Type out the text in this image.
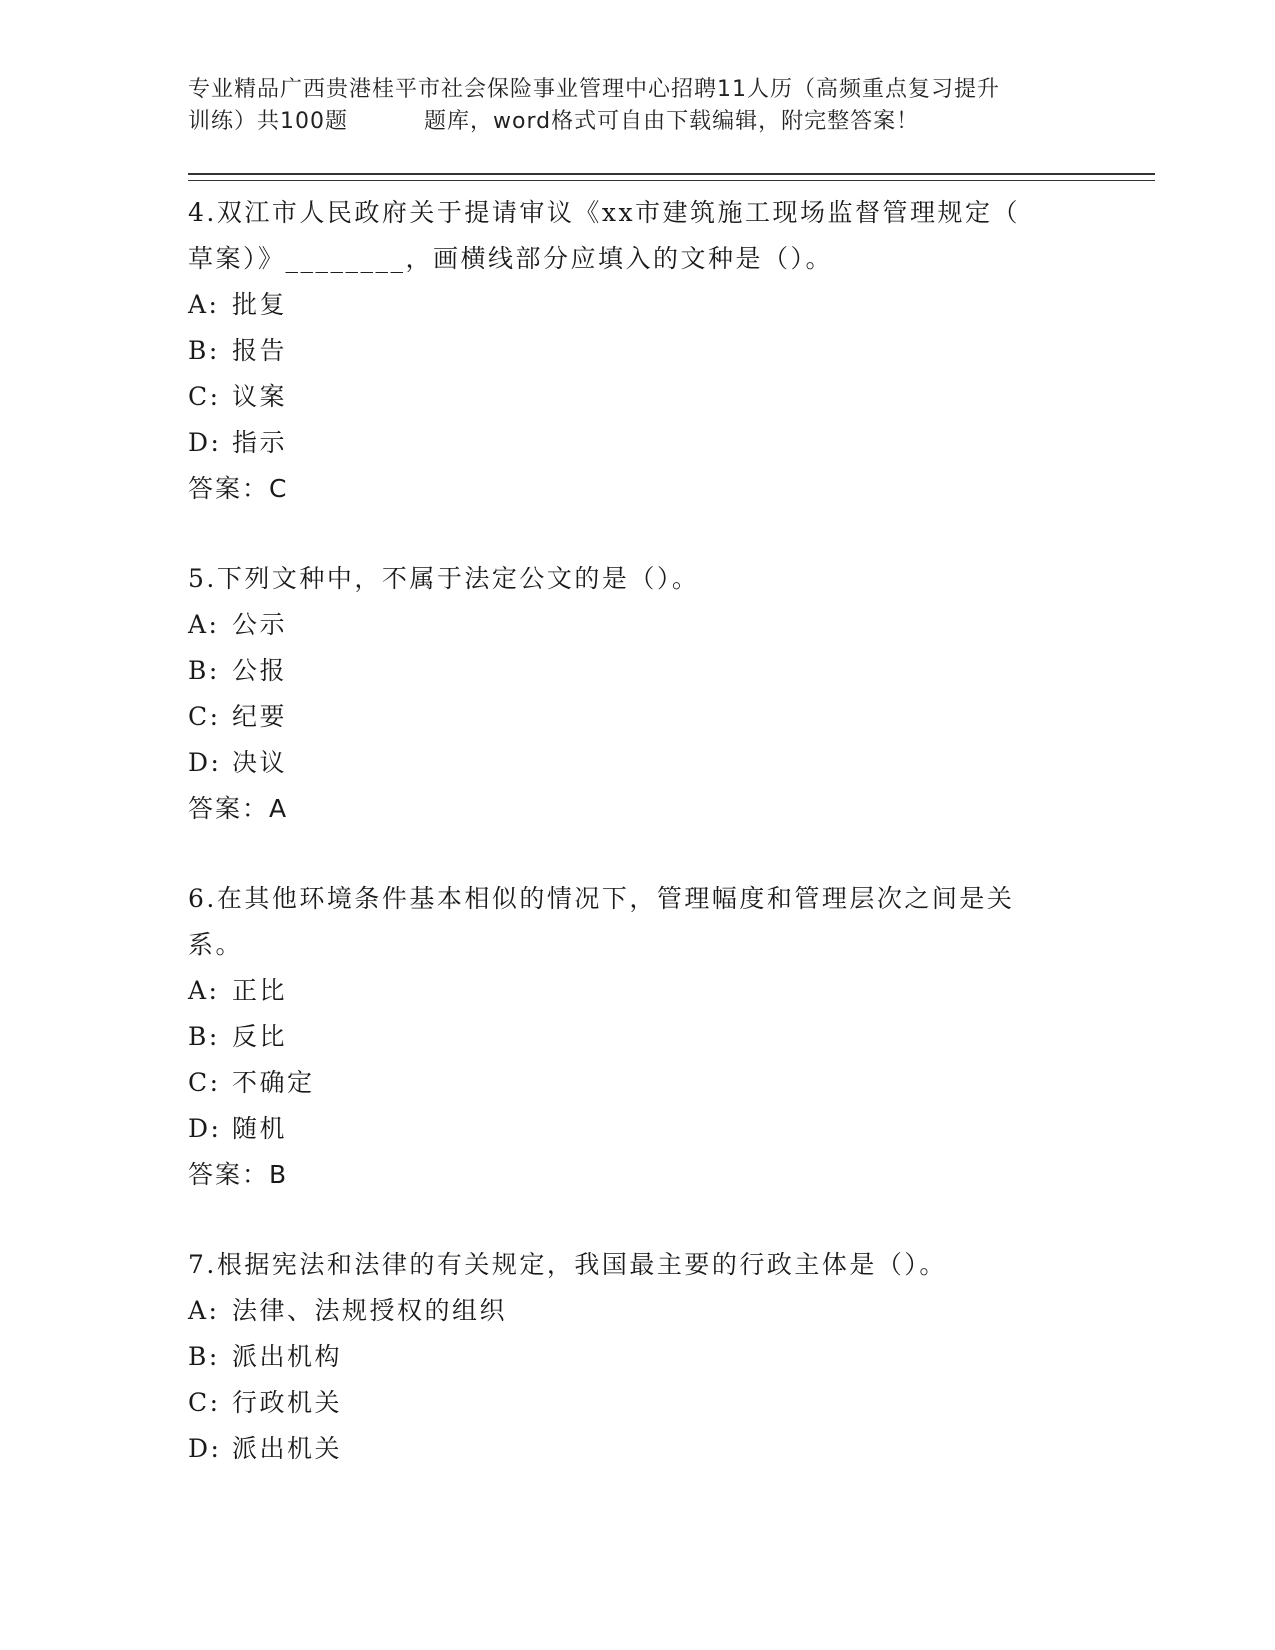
专业精品广西贵港桂平市社会保险事业管理中心招聘11人历（高频重点复习提升
训练）共100题	题库，word格式可自由下载编辑，附完整答案！
4.双江市人民政府关于提请审议《xx市建筑施工现场监督管理规定（
草案）》________，画横线部分应填入的文种是（）。
A: 批复
B: 报告
C: 议案
D: 指示
答案：C
5.下列文种中，不属于法定公文的是（）。
A: 公示
B: 公报
C: 纪要
D: 决议
答案：A
6.在其他环境条件基本相似的情况下，管理幅度和管理层次之间是关
系。
A: 正比
B: 反比
C: 不确定
D: 随机
答案：B
7.根据宪法和法律的有关规定，我国最主要的行政主体是（）。
A: 法律、法规授权的组织
B: 派出机构
C: 行政机关
D: 派出机关
